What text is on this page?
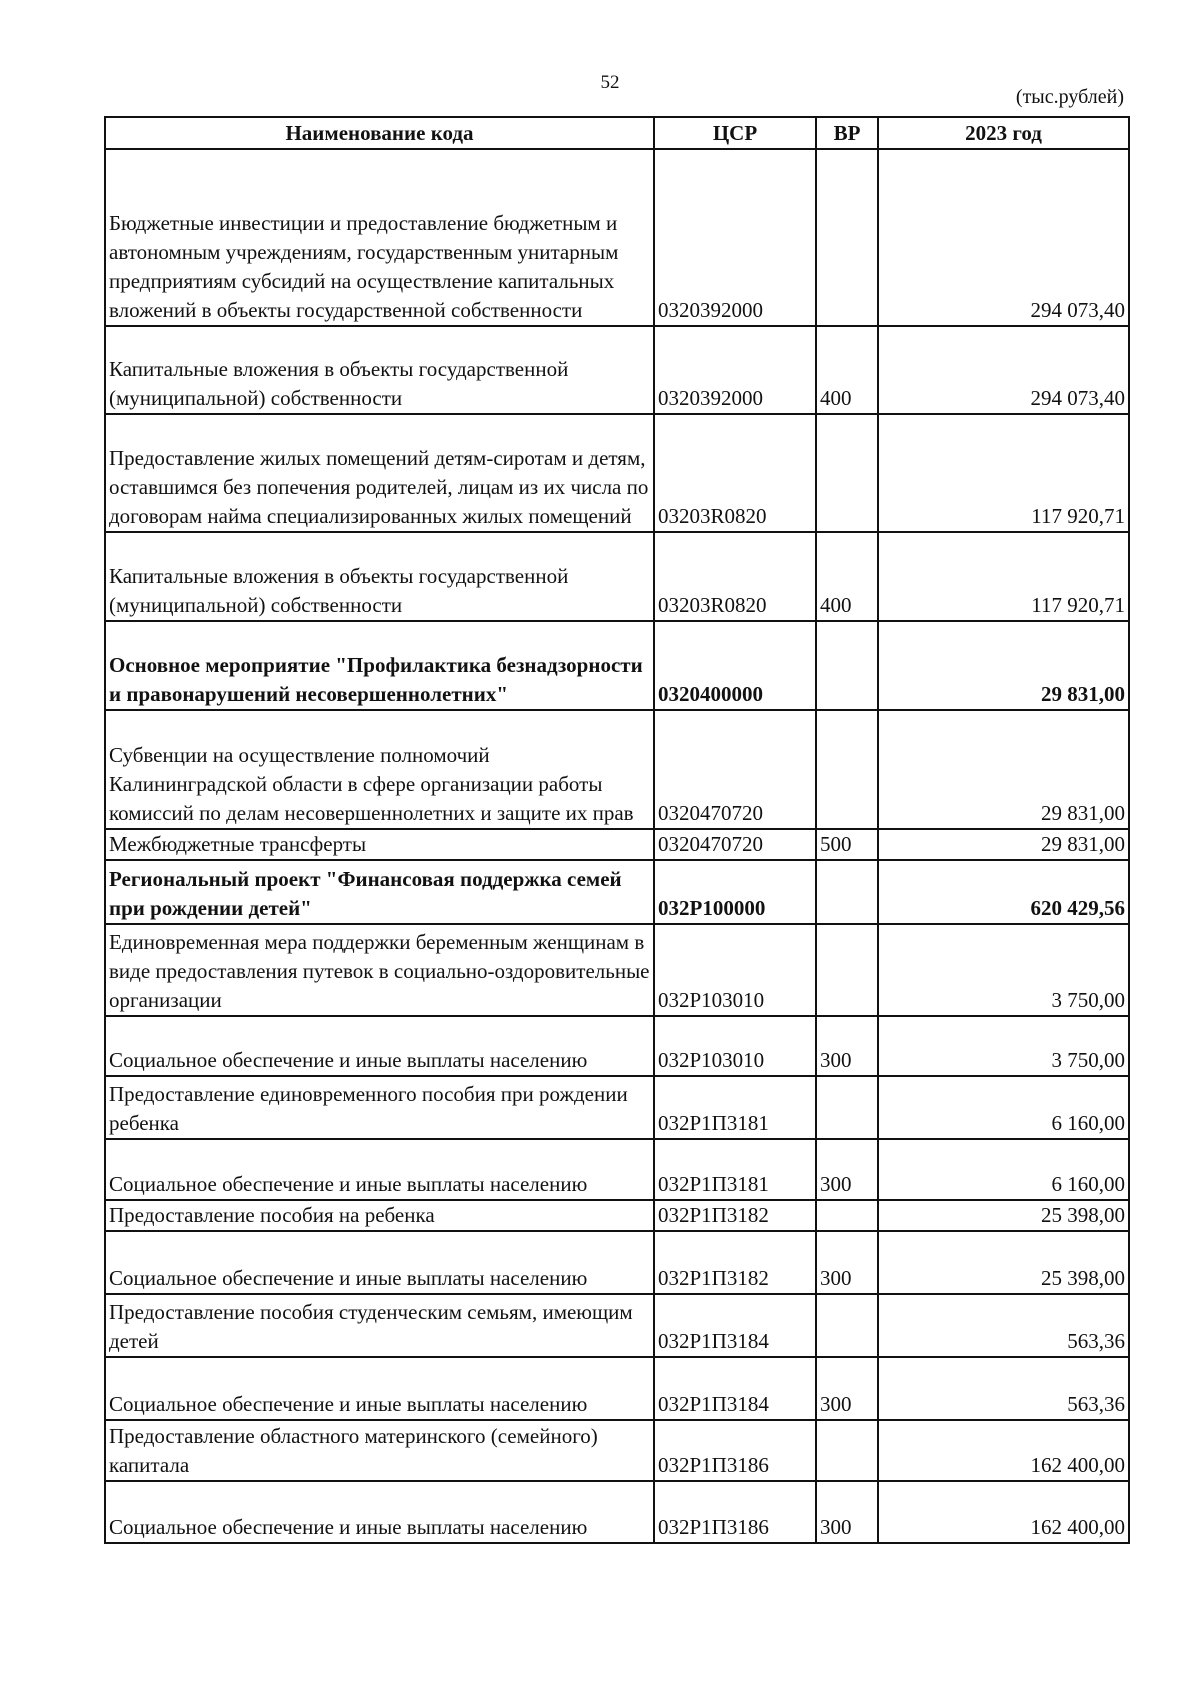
52
(тыс.рублей)
Наименование кода	ЦСР	ВР	2023 год
Бюджетные инвестиции и предоставление бюджетным и автономным учреждениям, государственным унитарным предприятиям субсидий на осуществление капитальных вложений в объекты государственной собственности	0320392000		294 073,40
Капитальные вложения в объекты государственной (муниципальной) собственности	0320392000	400	294 073,40
Предоставление жилых помещений детям-сиротам и детям, оставшимся без попечения родителей, лицам из их числа по договорам найма специализированных жилых помещений	03203R0820		117 920,71
Капитальные вложения в объекты государственной (муниципальной) собственности	03203R0820	400	117 920,71
Основное мероприятие "Профилактика безнадзорности и правонарушений несовершеннолетних"	0320400000		29 831,00
Субвенции на осуществление полномочий Калининградской области в сфере организации работы комиссий по делам несовершеннолетних и защите их прав	0320470720		29 831,00
Межбюджетные трансферты	0320470720	500	29 831,00
Региональный проект "Финансовая поддержка семей при рождении детей"	032P100000		620 429,56
Единовременная мера поддержки беременным женщинам в виде предоставления путевок в социально-оздоровительные организации	032P103010		3 750,00
Социальное обеспечение и иные выплаты населению	032P103010	300	3 750,00
Предоставление единовременного пособия при рождении ребенка	032P1П3181		6 160,00
Социальное обеспечение и иные выплаты населению	032P1П3181	300	6 160,00
Предоставление пособия на ребенка	032P1П3182		25 398,00
Социальное обеспечение и иные выплаты населению	032P1П3182	300	25 398,00
Предоставление пособия студенческим семьям, имеющим детей	032P1П3184		563,36
Социальное обеспечение и иные выплаты населению	032P1П3184	300	563,36
Предоставление областного материнского (семейного) капитала	032P1П3186		162 400,00
Социальное обеспечение и иные выплаты населению	032P1П3186	300	162 400,00
